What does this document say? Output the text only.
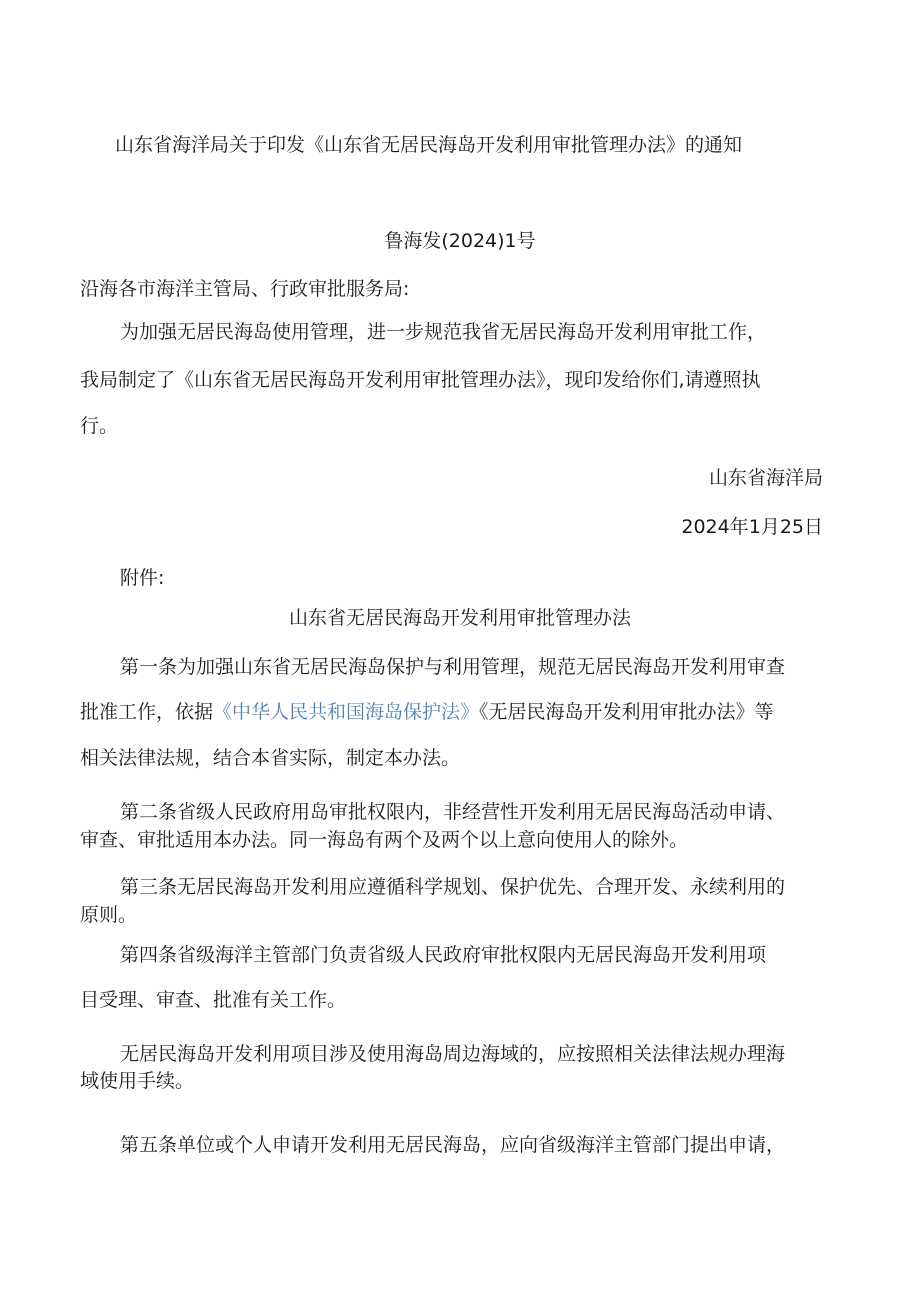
山东省海洋局关于印发《山东省无居民海岛开发利用审批管理办法》的通知

鲁海发(2024)1号

沿海各市海洋主管局、行政审批服务局:

为加强无居民海岛使用管理，进一步规范我省无居民海岛开发利用审批工作，

我局制定了《山东省无居民海岛开发利用审批管理办法》，现印发给你们,请遵照执

行。

山东省海洋局

2024年1月25日

附件:

山东省无居民海岛开发利用审批管理办法

第一条为加强山东省无居民海岛保护与利用管理，规范无居民海岛开发利用审查

批准工作，依据《中华人民共和国海岛保护法》《无居民海岛开发利用审批办法》等

相关法律法规，结合本省实际，制定本办法。

第二条省级人民政府用岛审批权限内，非经营性开发利用无居民海岛活动申请、

审查、审批适用本办法。同一海岛有两个及两个以上意向使用人的除外。

第三条无居民海岛开发利用应遵循科学规划、保护优先、合理开发、永续利用的

原则。

第四条省级海洋主管部门负责省级人民政府审批权限内无居民海岛开发利用项

目受理、审查、批准有关工作。

无居民海岛开发利用项目涉及使用海岛周边海域的，应按照相关法律法规办理海

域使用手续。

第五条单位或个人申请开发利用无居民海岛，应向省级海洋主管部门提出申请，
